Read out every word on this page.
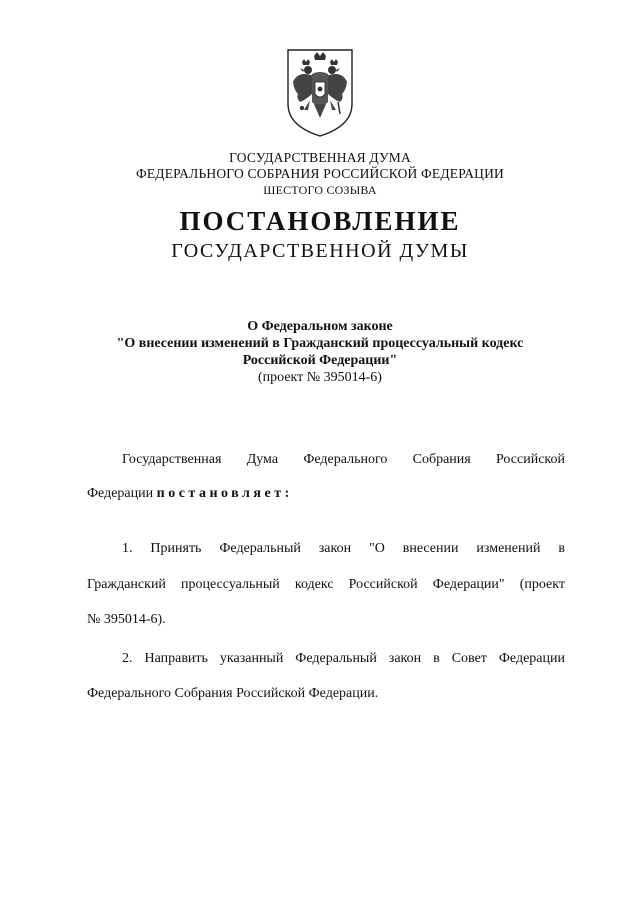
ГОСУДАРСТВЕННАЯ ДУМА
ФЕДЕРАЛЬНОГО СОБРАНИЯ РОССИЙСКОЙ ФЕДЕРАЦИИ
ШЕСТОГО СОЗЫВА
ПОСТАНОВЛЕНИЕ
ГОСУДАРСТВЕННОЙ ДУМЫ
О Федеральном законе
"О внесении изменений в Гражданский процессуальный кодекс
Российской Федерации"
(проект № 395014-6)
Государственная Дума Федерального Собрания Российской
Федерации постановляет:
1. Принять Федеральный закон "О внесении изменений в
Гражданский процессуальный кодекс Российской Федерации" (проект
№ 395014-6).
2. Направить указанный Федеральный закон в Совет Федерации
Федерального Собрания Российской Федерации.
